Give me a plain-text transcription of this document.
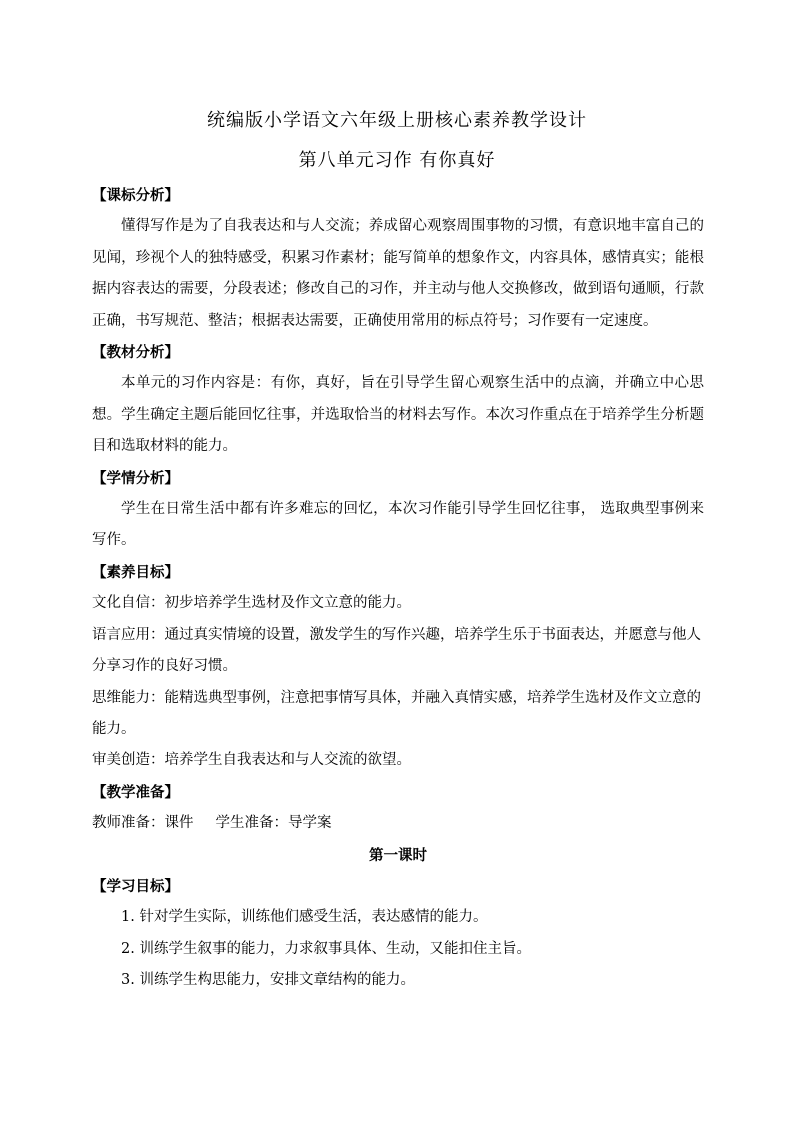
统编版小学语文六年级上册核心素养教学设计
第八单元习作 有你真好

【课标分析】

懂得写作是为了自我表达和与人交流；养成留心观察周围事物的习惯，有意识地丰富自己的见闻，珍视个人的独特感受，积累习作素材；能写简单的想象作文，内容具体，感情真实；能根据内容表达的需要，分段表述；修改自己的习作，并主动与他人交换修改，做到语句通顺，行款正确，书写规范、整洁；根据表达需要，正确使用常用的标点符号；习作要有一定速度。

【教材分析】

本单元的习作内容是：有你，真好，旨在引导学生留心观察生活中的点滴，并确立中心思想。学生确定主题后能回忆往事，并选取恰当的材料去写作。本次习作重点在于培养学生分析题目和选取材料的能力。

【学情分析】

学生在日常生活中都有许多难忘的回忆，本次习作能引导学生回忆往事， 选取典型事例来写作。

【素养目标】

文化自信：初步培养学生选材及作文立意的能力。

语言应用：通过真实情境的设置，激发学生的写作兴趣，培养学生乐于书面表达，并愿意与他人分享习作的良好习惯。

思维能力：能精选典型事例，注意把事情写具体，并融入真情实感，培养学生选材及作文立意的能力。

审美创造：培养学生自我表达和与人交流的欲望。

【教学准备】

教师准备：课件 学生准备：导学案

第一课时

【学习目标】

1. 针对学生实际，训练他们感受生活，表达感情的能力。

2. 训练学生叙事的能力，力求叙事具体、生动，又能扣住主旨。

3. 训练学生构思能力，安排文章结构的能力。
